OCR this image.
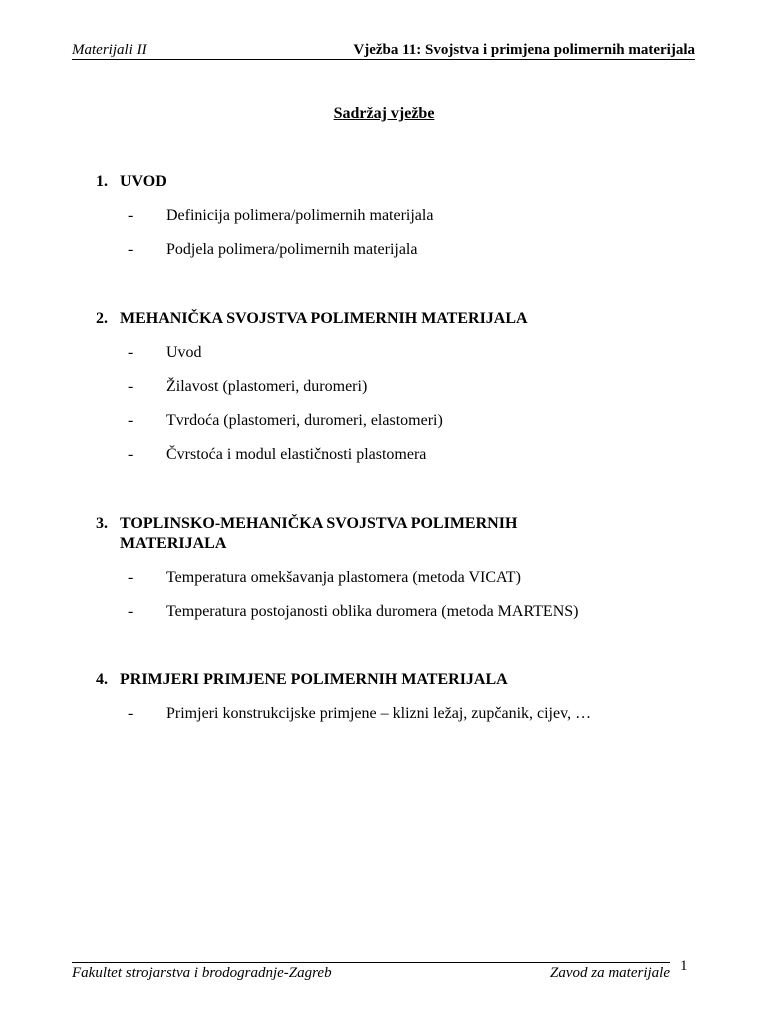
Materijali II	Vježba 11: Svojstva i primjena polimernih materijala
Sadržaj vježbe
1. UVOD
- Definicija polimera/polimernih materijala
- Podjela polimera/polimernih materijala
2. MEHANIČKA SVOJSTVA POLIMERNIH MATERIJALA
- Uvod
- Žilavost (plastomeri, duromeri)
- Tvrdoća (plastomeri, duromeri, elastomeri)
- Čvrstoća i modul elastičnosti plastomera
3. TOPLINSKO-MEHANIČKA SVOJSTVA POLIMERNIH MATERIJALA
- Temperatura omekšavanja plastomera (metoda VICAT)
- Temperatura postojanosti oblika duromera (metoda MARTENS)
4. PRIMJERI PRIMJENE POLIMERNIH MATERIJALA
- Primjeri konstrukcijske primjene – klizni ležaj, zupčanik, cijev, …
Fakultet strojarstva i brodogradnje-Zagreb	Zavod za materijale 1
